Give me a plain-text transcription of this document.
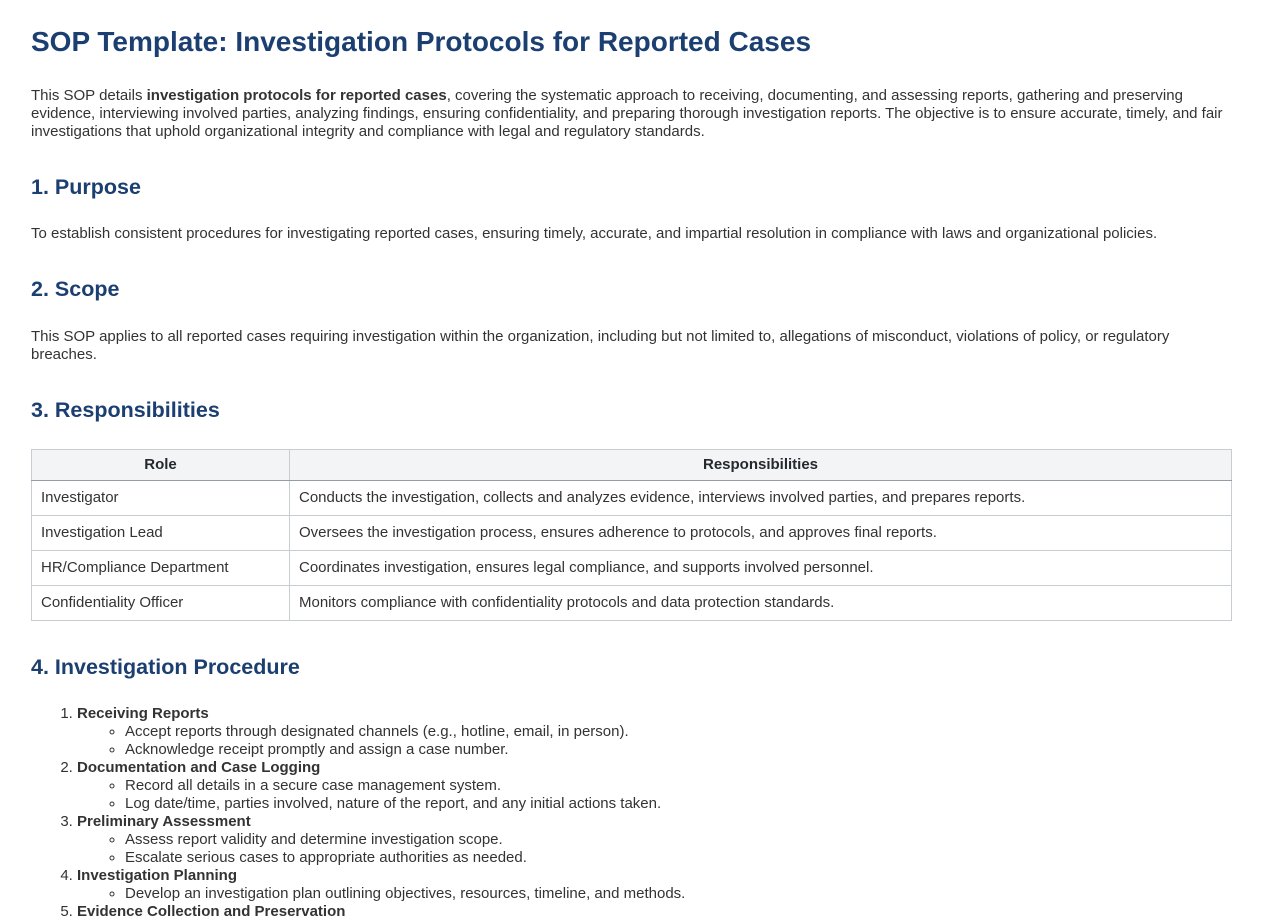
SOP Template: Investigation Protocols for Reported Cases

This SOP details investigation protocols for reported cases, covering the systematic approach to receiving, documenting, and assessing reports, gathering and preserving evidence, interviewing involved parties, analyzing findings, ensuring confidentiality, and preparing thorough investigation reports. The objective is to ensure accurate, timely, and fair investigations that uphold organizational integrity and compliance with legal and regulatory standards.

1. Purpose

To establish consistent procedures for investigating reported cases, ensuring timely, accurate, and impartial resolution in compliance with laws and organizational policies.

2. Scope

This SOP applies to all reported cases requiring investigation within the organization, including but not limited to, allegations of misconduct, violations of policy, or regulatory breaches.

3. Responsibilities
Role	Responsibilities
Investigator	Conducts the investigation, collects and analyzes evidence, interviews involved parties, and prepares reports.
Investigation Lead	Oversees the investigation process, ensures adherence to protocols, and approves final reports.
HR/Compliance Department	Coordinates investigation, ensures legal compliance, and supports involved personnel.
Confidentiality Officer	Monitors compliance with confidentiality protocols and data protection standards.
4. Investigation Procedure
1. Receiving Reports
◦ Accept reports through designated channels (e.g., hotline, email, in person).
◦ Acknowledge receipt promptly and assign a case number.
2. Documentation and Case Logging
◦ Record all details in a secure case management system.
◦ Log date/time, parties involved, nature of the report, and any initial actions taken.
3. Preliminary Assessment
◦ Assess report validity and determine investigation scope.
◦ Escalate serious cases to appropriate authorities as needed.
4. Investigation Planning
◦ Develop an investigation plan outlining objectives, resources, timeline, and methods.
5. Evidence Collection and Preservation
